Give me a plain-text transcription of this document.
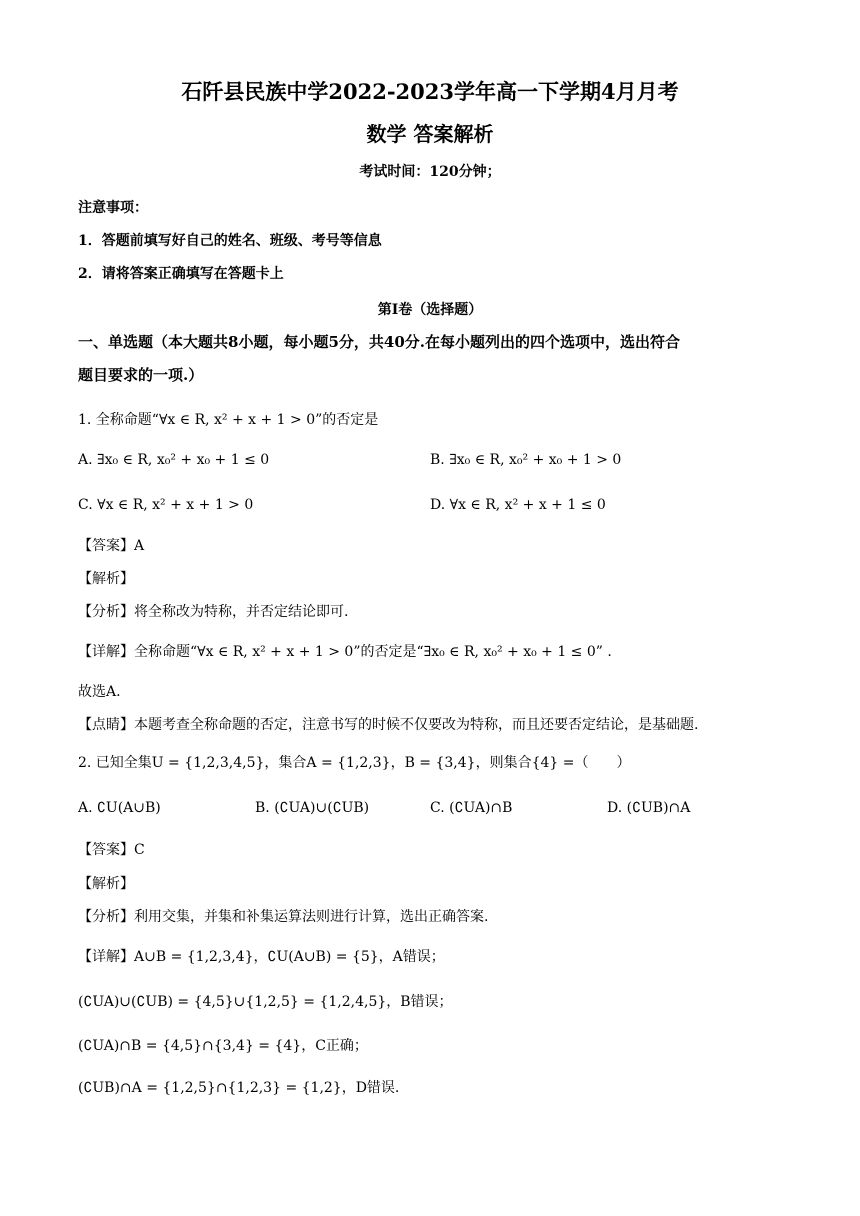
石阡县民族中学2022-2023学年高一下学期4月月考
数学 答案解析
考试时间：120分钟；
注意事项：
1．答题前填写好自己的姓名、班级、考号等信息
2．请将答案正确填写在答题卡上
第I卷（选择题）
一、单选题（本大题共8小题，每小题5分，共40分.在每小题列出的四个选项中，选出符合
题目要求的一项.）
1. 全称命题“∀x ∈ R, x² + x + 1 > 0”的否定是
A. ∃x₀ ∈ R, x₀² + x₀ + 1 ≤ 0	B. ∃x₀ ∈ R, x₀² + x₀ + 1 > 0
C. ∀x ∈ R, x² + x + 1 > 0	D. ∀x ∈ R, x² + x + 1 ≤ 0
【答案】A
【解析】
【分析】将全称改为特称，并否定结论即可.
【详解】全称命题“∀x ∈ R, x² + x + 1 > 0”的否定是“∃x₀ ∈ R, x₀² + x₀ + 1 ≤ 0” .
故选A.
【点睛】本题考查全称命题的否定，注意书写的时候不仅要改为特称，而且还要否定结论，是基础题.
2. 已知全集U = {1,2,3,4,5}，集合A = {1,2,3}，B = {3,4}，则集合{4} =（　　）
A. ∁U(A∪B)	B. (∁UA)∪(∁UB)	C. (∁UA)∩B	D. (∁UB)∩A
【答案】C
【解析】
【分析】利用交集，并集和补集运算法则进行计算，选出正确答案.
【详解】A∪B = {1,2,3,4}，∁U(A∪B) = {5}，A错误；
(∁UA)∪(∁UB) = {4,5}∪{1,2,5} = {1,2,4,5}，B错误；
(∁UA)∩B = {4,5}∩{3,4} = {4}，C正确；
(∁UB)∩A = {1,2,5}∩{1,2,3} = {1,2}，D错误.
